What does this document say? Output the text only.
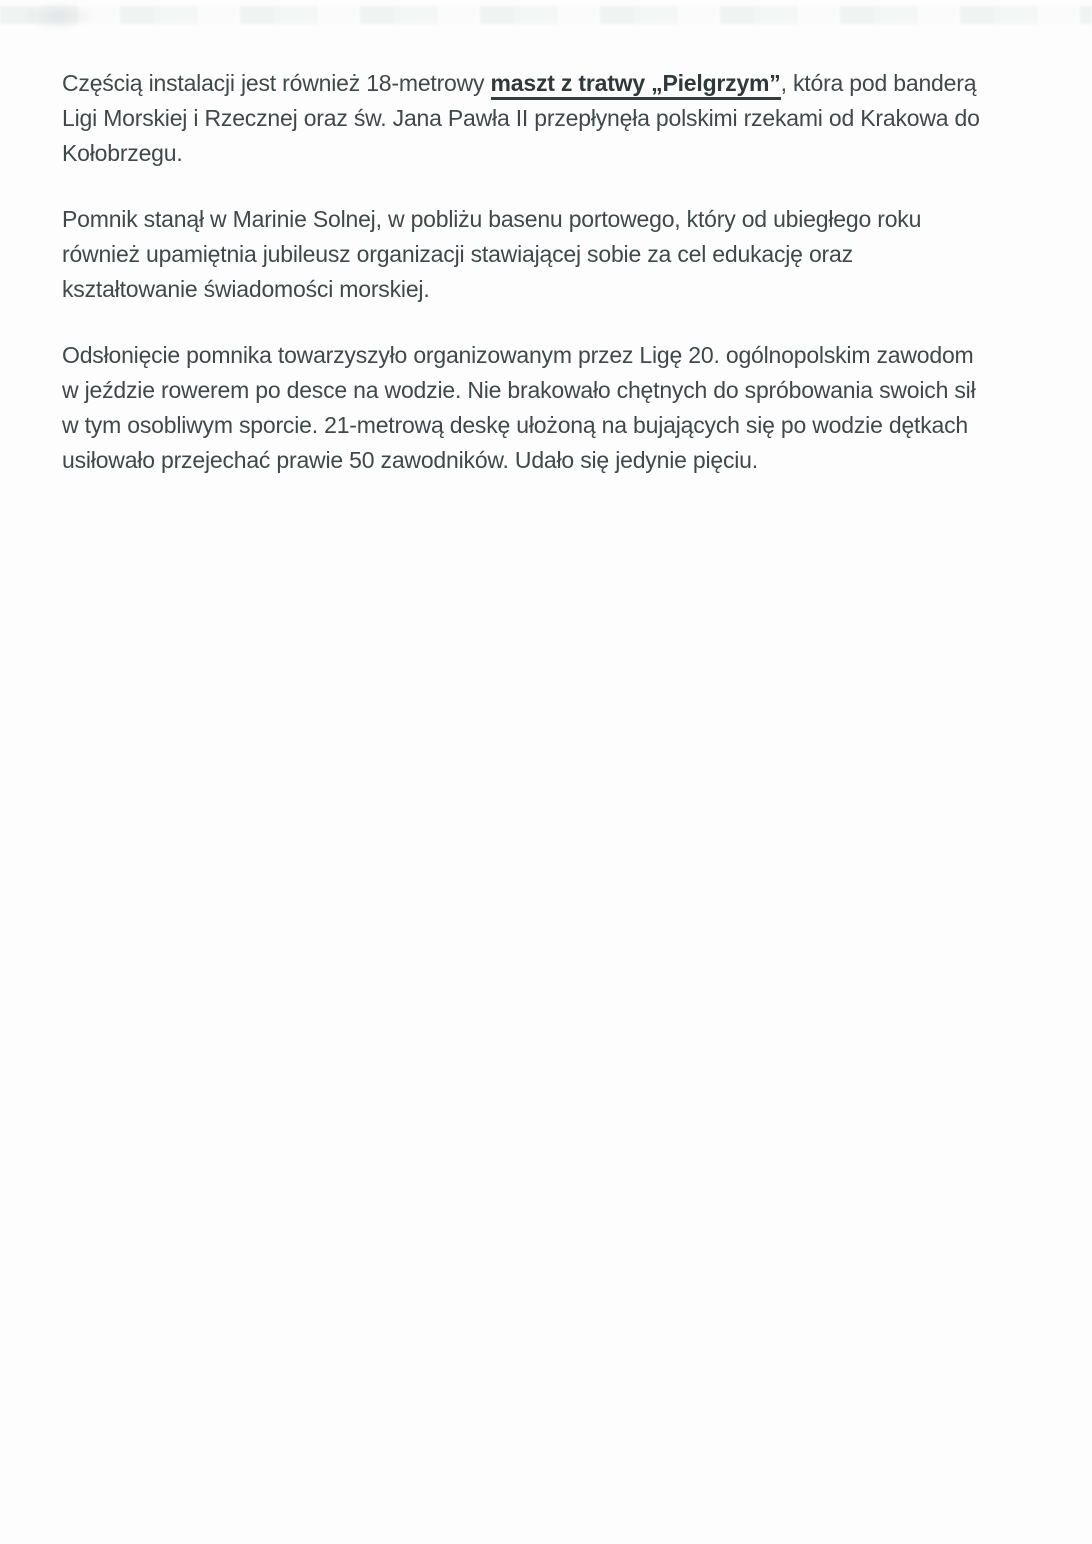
Częścią instalacji jest również 18-metrowy maszt z tratwy „Pielgrzym”, która pod banderą
Ligi Morskiej i Rzecznej oraz św. Jana Pawła II przepłynęła polskimi rzekami od Krakowa do
Kołobrzegu.

Pomnik stanął w Marinie Solnej, w pobliżu basenu portowego, który od ubiegłego roku
również upamiętnia jubileusz organizacji stawiającej sobie za cel edukację oraz
kształtowanie świadomości morskiej.

Odsłonięcie pomnika towarzyszyło organizowanym przez Ligę 20. ogólnopolskim zawodom
w jeździe rowerem po desce na wodzie. Nie brakowało chętnych do spróbowania swoich sił
w tym osobliwym sporcie. 21-metrową deskę ułożoną na bujających się po wodzie dętkach
usiłowało przejechać prawie 50 zawodników. Udało się jedynie pięciu.
